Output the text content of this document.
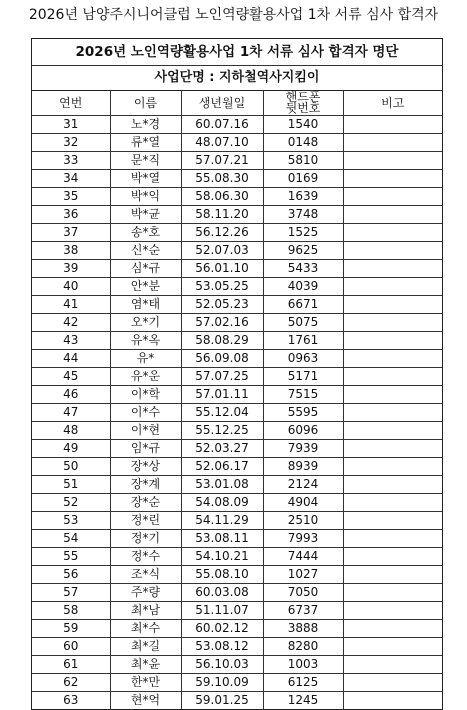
2026년 남양주시니어클럽 노인역량활용사업 1차 서류 심사 합격자
2026년 노인역량활용사업 1차 서류 심사 합격자 명단
사업단명 : 지하철역사지킴이
연번	이름	생년월일	핸드폰
뒷번호	비고
31	노*경	60.07.16	1540	
32	류*열	48.07.10	0148	
33	문*직	57.07.21	5810	
34	박*열	55.08.30	0169	
35	박*익	58.06.30	1639	
36	박*균	58.11.20	3748	
37	송*호	56.12.26	1525	
38	신*순	52.07.03	9625	
39	심*규	56.01.10	5433	
40	안*분	53.05.25	4039	
41	염*태	52.05.23	6671	
42	오*기	57.02.16	5075	
43	유*옥	58.08.29	1761	
44	유*	56.09.08	0963	
45	유*운	57.07.25	5171	
46	이*학	57.01.11	7515	
47	이*수	55.12.04	5595	
48	이*현	55.12.25	6096	
49	임*규	52.03.27	7939	
50	장*상	52.06.17	8939	
51	장*계	53.01.08	2124	
52	장*순	54.08.09	4904	
53	정*린	54.11.29	2510	
54	정*기	53.08.11	7993	
55	정*수	54.10.21	7444	
56	조*식	55.08.10	1027	
57	주*량	60.03.08	7050	
58	최*남	51.11.07	6737	
59	최*수	60.02.12	3888	
60	최*길	53.08.12	8280	
61	최*윤	56.10.03	1003	
62	한*만	59.10.09	6125	
63	현*억	59.01.25	1245	
